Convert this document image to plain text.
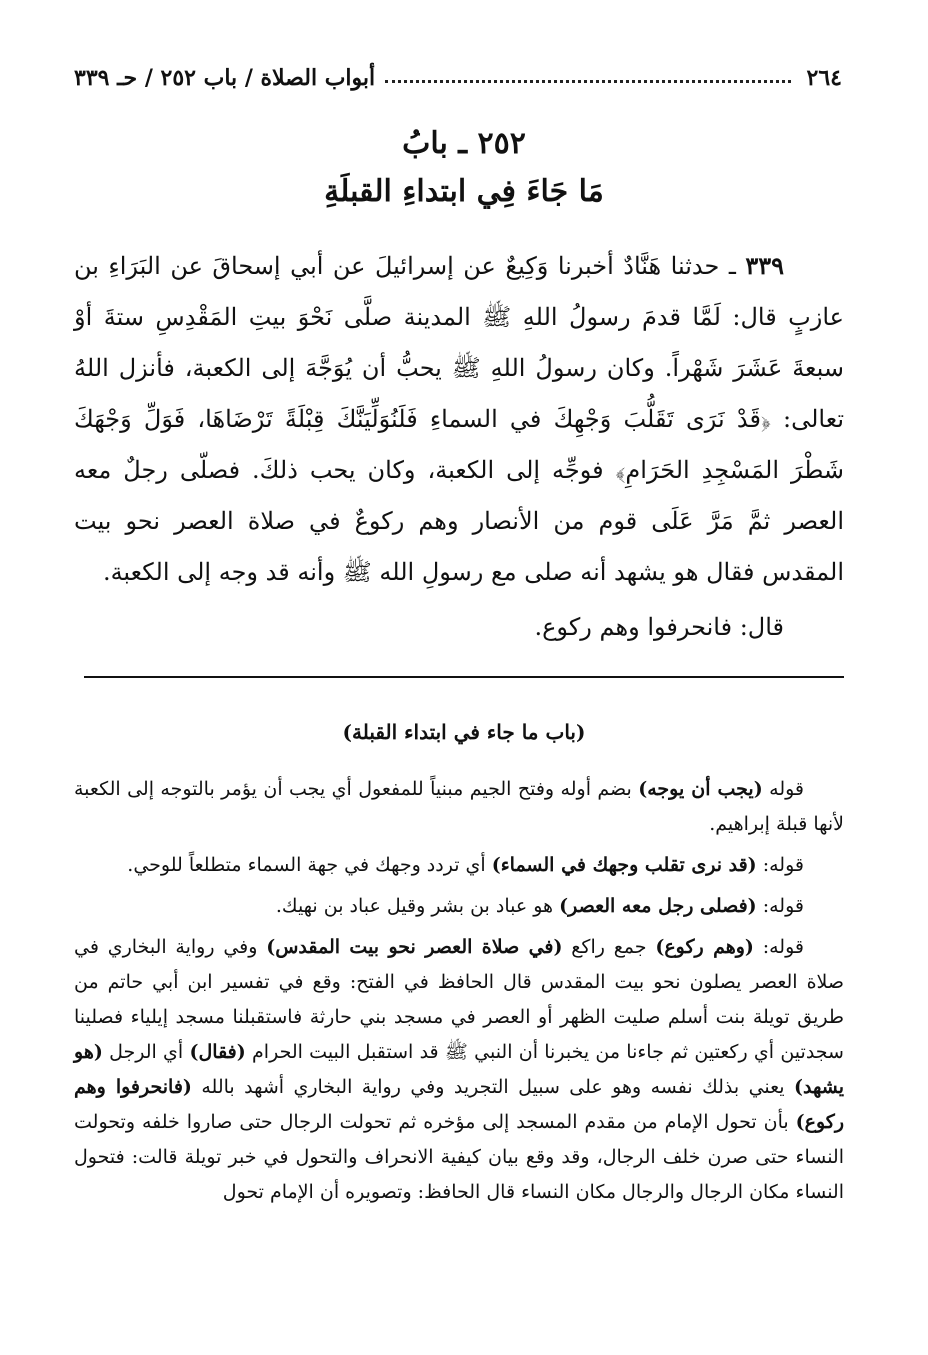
٢٦٤
أبواب الصلاة / باب ٢٥٢ / حـ ٣٣٩
٢٥٢ ـ بابُ
مَا جَاءَ فِي ابتداءِ القبلَةِ

٣٣٩ ـ حدثنا هَنَّادٌ أخبرنا وَكِيعٌ عن إسرائيلَ عن أبي إسحاقَ عن البَرَاءِ بن عازبٍ قال: لَمَّا قدمَ رسولُ اللهِ ﷺ المدينة صلَّى نَحْوَ بيتِ المَقْدِسِ ستةَ أوْ سبعةَ عَشَرَ شَهْراً. وكان رسولُ اللهِ ﷺ يحبُّ أن يُوَجَّهَ إلى الكعبة، فأنزل اللهُ تعالى: ﴿قَدْ نَرَى تَقَلُّبَ وَجْهِكَ في السماءِ فَلَنُوَلِّيَنَّكَ قِبْلَةً تَرْضَاهَا، فَوَلِّ وَجْهَكَ شَطْرَ المَسْجِدِ الحَرَامِ﴾ فوجِّه إلى الكعبة، وكان يحب ذلكَ. فصلّى رجلٌ معه العصر ثمَّ مَرَّ عَلَى قوم من الأنصار وهم ركوعٌ في صلاة العصر نحو بيت المقدس فقال هو يشهد أنه صلى مع رسولِ الله ﷺ وأنه قد وجه إلى الكعبة.

قال: فانحرفوا وهم ركوع.

(باب ما جاء في ابتداء القبلة)

قوله (يجب أن يوجه) بضم أوله وفتح الجيم مبنياً للمفعول أي يجب أن يؤمر بالتوجه إلى الكعبة لأنها قبلة إبراهيم.

قوله: (قد نرى تقلب وجهك في السماء) أي تردد وجهك في جهة السماء متطلعاً للوحي.

قوله: (فصلى رجل معه العصر) هو عباد بن بشر وقيل عباد بن نهيك.

قوله: (وهم ركوع) جمع راكع (في صلاة العصر نحو بيت المقدس) وفي رواية البخاري في صلاة العصر يصلون نحو بيت المقدس قال الحافظ في الفتح: وقع في تفسير ابن أبي حاتم من طريق تويلة بنت أسلم صليت الظهر أو العصر في مسجد بني حارثة فاستقبلنا مسجد إيلياء فصلينا سجدتين أي ركعتين ثم جاءنا من يخبرنا أن النبي ﷺ قد استقبل البيت الحرام (فقال) أي الرجل (هو يشهد) يعني بذلك نفسه وهو على سبيل التجريد وفي رواية البخاري أشهد بالله (فانحرفوا وهم ركوع) بأن تحول الإمام من مقدم المسجد إلى مؤخره ثم تحولت الرجال حتى صاروا خلفه وتحولت النساء حتى صرن خلف الرجال، وقد وقع بيان كيفية الانحراف والتحول في خبر تويلة قالت: فتحول النساء مكان الرجال والرجال مكان النساء قال الحافظ: وتصويره أن الإمام تحول
